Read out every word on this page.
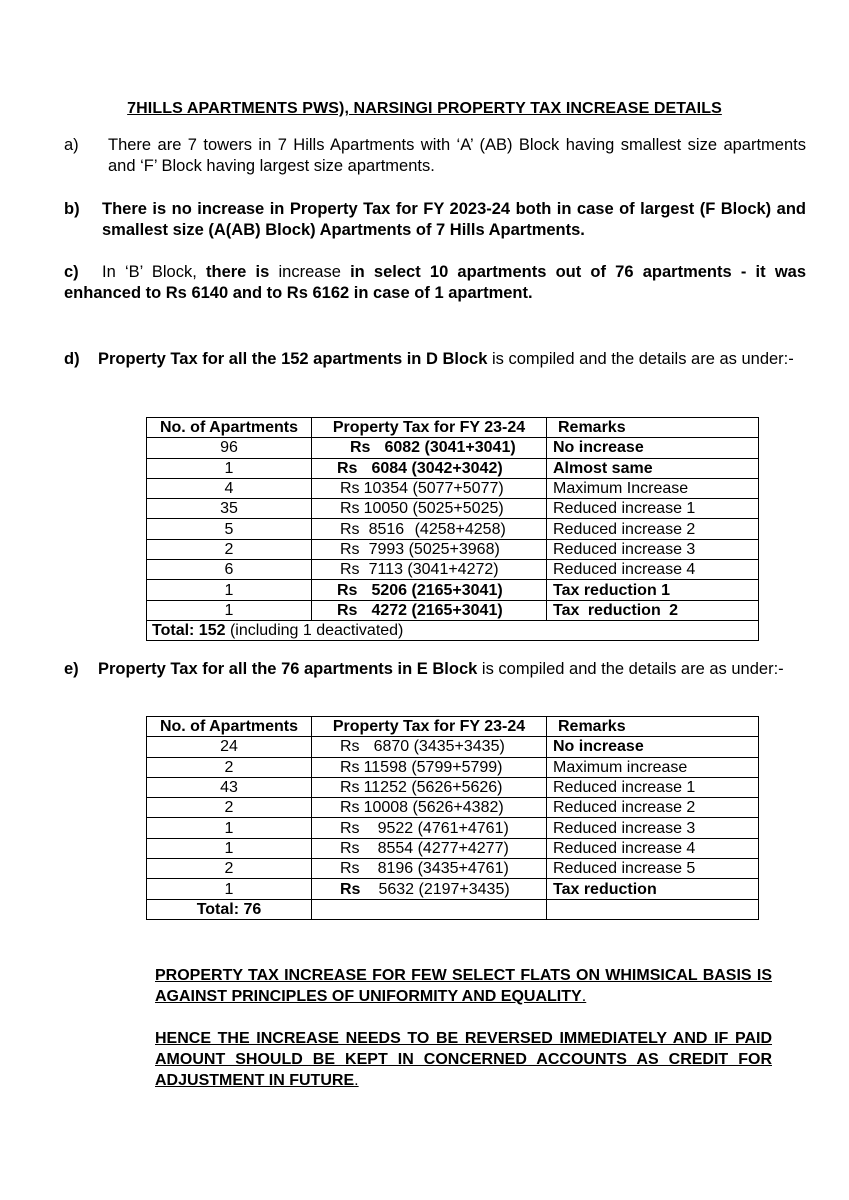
7HILLS APARTMENTS PWS), NARSINGI PROPERTY TAX INCREASE DETAILS
a) There are 7 towers in 7 Hills Apartments with ‘A’ (AB) Block having smallest size apartments and ‘F’ Block having largest size apartments.
b) There is no increase in Property Tax for FY 2023-24 both in case of largest (F Block) and smallest size (A(AB) Block) Apartments of 7 Hills Apartments.
c)	In ‘B’ Block, there is increase in select 10 apartments out of 76 apartments - it was enhanced to Rs 6140 and to Rs 6162 in case of 1 apartment.
d)	Property Tax for all the 152 apartments in D Block is compiled and the details are as under:-
No. of Apartments	Property Tax for FY 23-24	Remarks
96	Rs 6082 (3041+3041)	No increase
1	Rs 6084 (3042+3042)	Almost same
4	Rs 10354 (5077+5077)	Maximum Increase
35	Rs 10050 (5025+5025)	Reduced increase 1
5	Rs 8516 (4258+4258)	Reduced increase 2
2	Rs 7993 (5025+3968)	Reduced increase 3
6	Rs 7113 (3041+4272)	Reduced increase 4
1	Rs 5206 (2165+3041)	Tax reduction 1
1	Rs 4272 (2165+3041)	Tax reduction 2
Total: 152 (including 1 deactivated)		
e)	Property Tax for all the 76 apartments in E Block is compiled and the details are as under:-
No. of Apartments	Property Tax for FY 23-24	Remarks
24	Rs 6870 (3435+3435)	No increase
2	Rs 11598 (5799+5799)	Maximum increase
43	Rs 11252 (5626+5626)	Reduced increase 1
2	Rs 10008 (5626+4382)	Reduced increase 2
1	Rs 9522 (4761+4761)	Reduced increase 3
1	Rs 8554 (4277+4277)	Reduced increase 4
2	Rs 8196 (3435+4761)	Reduced increase 5
1	Rs 5632 (2197+3435)	Tax reduction
Total: 76		
PROPERTY TAX INCREASE FOR FEW SELECT FLATS ON WHIMSICAL BASIS IS AGAINST PRINCIPLES OF UNIFORMITY AND EQUALITY.
HENCE THE INCREASE NEEDS TO BE REVERSED IMMEDIATELY AND IF PAID AMOUNT SHOULD BE KEPT IN CONCERNED ACCOUNTS AS CREDIT FOR ADJUSTMENT IN FUTURE.
